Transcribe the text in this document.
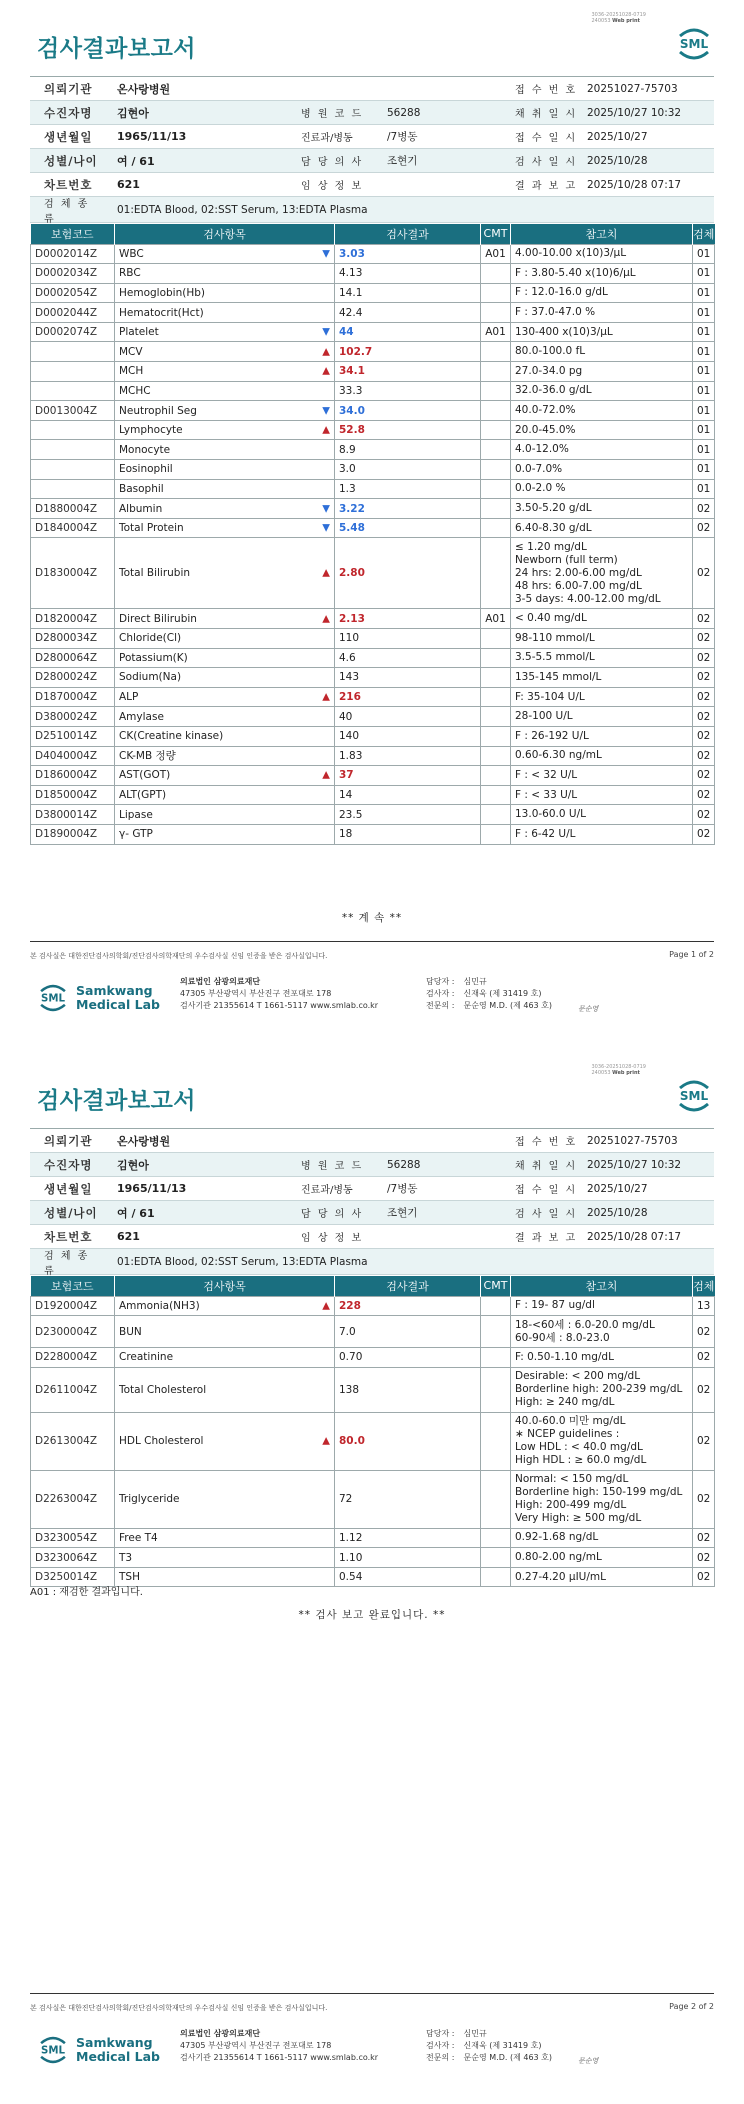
3036-20251028-0719
240053 Web print
SML
검사결과보고서
의뢰기관	온사랑병원	접 수 번 호 20251027-75703
수진자명	김현아	병 원 코 드	56288	채 취 일 시 2025/10/27 10:32
생년월일	1965/11/13	진료과/병동	/7병동	접 수 일 시 2025/10/27
성별/나이	여 / 61	담 당 의 사	조현기	검 사 일 시 2025/10/28
차트번호	621	임 상 정 보	결 과 보 고 2025/10/28 07:17
검 체 종 류
01:EDTA Blood, 02:SST Serum, 13:EDTA Plasma
보험코드	검사항목	검사결과	CMT	참고치	검체
D0002014Z	WBC ▼	3.03	A01	4.00-10.00 x(10)3/μL	01
D0002034Z	RBC	4.13		F : 3.80-5.40 x(10)6/μL	01
D0002054Z	Hemoglobin(Hb)	14.1		F : 12.0-16.0 g/dL	01
D0002044Z	Hematocrit(Hct)	42.4		F : 37.0-47.0 %	01
D0002074Z	Platelet ▼	44	A01	130-400 x(10)3/μL	01
	MCV ▲	102.7		80.0-100.0 fL	01
	MCH ▲	34.1		27.0-34.0 pg	01
	MCHC	33.3		32.0-36.0 g/dL	01
D0013004Z	Neutrophil Seg ▼	34.0		40.0-72.0%	01
	Lymphocyte ▲	52.8		20.0-45.0%	01
	Monocyte	8.9		4.0-12.0%	01
	Eosinophil	3.0		0.0-7.0%	01
	Basophil	1.3		0.0-2.0 %	01
D1880004Z	Albumin ▼	3.22		3.50-5.20 g/dL	02
D1840004Z	Total Protein ▼	5.48		6.40-8.30 g/dL	02
D1830004Z	Total Bilirubin ▲	2.80		≤ 1.20 mg/dL
Newborn (full term)
24 hrs: 2.00-6.00 mg/dL
48 hrs: 6.00-7.00 mg/dL
3-5 days: 4.00-12.00 mg/dL	02
D1820004Z	Direct Bilirubin ▲	2.13	A01	< 0.40 mg/dL	02
D2800034Z	Chloride(Cl)	110		98-110 mmol/L	02
D2800064Z	Potassium(K)	4.6		3.5-5.5 mmol/L	02
D2800024Z	Sodium(Na)	143		135-145 mmol/L	02
D1870004Z	ALP ▲	216		F: 35-104 U/L	02
D3800024Z	Amylase	40		28-100 U/L	02
D2510014Z	CK(Creatine kinase)	140		F : 26-192 U/L	02
D4040004Z	CK-MB 정량	1.83		0.60-6.30 ng/mL	02
D1860004Z	AST(GOT) ▲	37		F : < 32 U/L	02
D1850004Z	ALT(GPT)	14		F : < 33 U/L	02
D3800014Z	Lipase	23.5		13.0-60.0 U/L	02
D1890004Z	γ- GTP	18		F : 6-42 U/L	02
** 계 속 **
본 검사실은 대한진단검사의학회/진단검사의학재단의 우수검사실 신임 인증을 받은 검사실입니다.	Page 1 of 2
SML
Samkwang
Medical Lab
의료법인 삼광의료재단
47305 부산광역시 부산진구 전포대로 178
검사기관 21355614 T 1661-5117 www.smlab.co.kr
담당자 : 심민규
검사자 : 신재욱 (제 31419 호)
전문의 : 문순영 M.D. (제 463 호)	문순영
3036-20251028-0719
240053 Web print
SML
검사결과보고서
의뢰기관	온사랑병원	접 수 번 호 20251027-75703
수진자명	김현아	병 원 코 드	56288	채 취 일 시 2025/10/27 10:32
생년월일	1965/11/13	진료과/병동	/7병동	접 수 일 시 2025/10/27
성별/나이	여 / 61	담 당 의 사	조현기	검 사 일 시 2025/10/28
차트번호	621	임 상 정 보	결 과 보 고 2025/10/28 07:17
검 체 종 류
01:EDTA Blood, 02:SST Serum, 13:EDTA Plasma
보험코드	검사항목	검사결과	CMT	참고치	검체
D1920004Z	Ammonia(NH3) ▲	228		F : 19- 87 ug/dl	13
D2300004Z	BUN	7.0		18-<60세 : 6.0-20.0 mg/dL
60-90세 : 8.0-23.0	02
D2280004Z	Creatinine	0.70		F: 0.50-1.10 mg/dL	02
D2611004Z	Total Cholesterol	138		Desirable: < 200 mg/dL
Borderline high: 200-239 mg/dL
High: ≥ 240 mg/dL	02
D2613004Z	HDL Cholesterol ▲	80.0		40.0-60.0 미만 mg/dL
∗ NCEP guidelines :
Low HDL : < 40.0 mg/dL
High HDL : ≥ 60.0 mg/dL	02
D2263004Z	Triglyceride	72		Normal: < 150 mg/dL
Borderline high: 150-199 mg/dL
High: 200-499 mg/dL
Very High: ≥ 500 mg/dL	02
D3230054Z	Free T4	1.12		0.92-1.68 ng/dL	02
D3230064Z	T3	1.10		0.80-2.00 ng/mL	02
D3250014Z	TSH	0.54		0.27-4.20 μIU/mL	02
A01 : 재검한 결과입니다.
** 검사 보고 완료입니다. **
본 검사실은 대한진단검사의학회/진단검사의학재단의 우수검사실 신임 인증을 받은 검사실입니다.	Page 2 of 2
SML
Samkwang
Medical Lab
의료법인 삼광의료재단
47305 부산광역시 부산진구 전포대로 178
검사기관 21355614 T 1661-5117 www.smlab.co.kr
담당자 : 심민규
검사자 : 신재욱 (제 31419 호)
전문의 : 문순영 M.D. (제 463 호)	문순영
